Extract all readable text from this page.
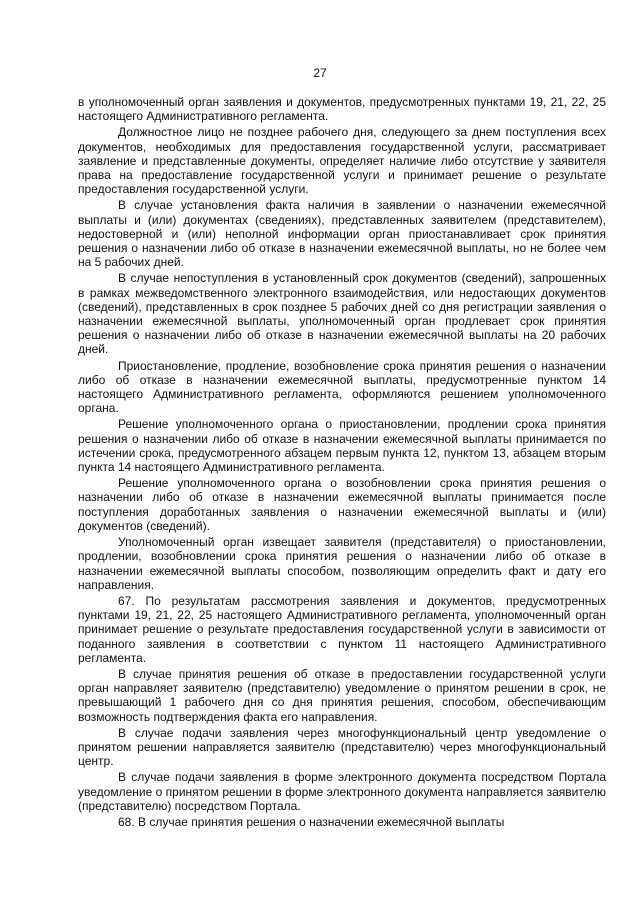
27

в уполномоченный орган заявления и документов, предусмотренных пунктами 19, 21, 22, 25 настоящего Административного регламента.

Должностное лицо не позднее рабочего дня, следующего за днем поступления всех документов, необходимых для предоставления государственной услуги, рассматривает заявление и представленные документы, определяет наличие либо отсутствие у заявителя права на предоставление государственной услуги и принимает решение о результате предоставления государственной услуги.

В случае установления факта наличия в заявлении о назначении ежемесячной выплаты и (или) документах (сведениях), представленных заявителем (представителем), недостоверной и (или) неполной информации орган приостанавливает срок принятия решения о назначении либо об отказе в назначении ежемесячной выплаты, но не более чем на 5 рабочих дней.

В случае непоступления в установленный срок документов (сведений), запрошенных в рамках межведомственного электронного взаимодействия, или недостающих документов (сведений), представленных в срок позднее 5 рабочих дней со дня регистрации заявления о назначении ежемесячной выплаты, уполномоченный орган продлевает срок принятия решения о назначении либо об отказе в назначении ежемесячной выплаты на 20 рабочих дней.

Приостановление, продление, возобновление срока принятия решения о назначении либо об отказе в назначении ежемесячной выплаты, предусмотренные пунктом 14 настоящего Административного регламента, оформляются решением уполномоченного органа.

Решение уполномоченного органа о приостановлении, продлении срока принятия решения о назначении либо об отказе в назначении ежемесячной выплаты принимается по истечении срока, предусмотренного абзацем первым пункта 12, пунктом 13, абзацем вторым пункта 14 настоящего Административного регламента.

Решение уполномоченного органа о возобновлении срока принятия решения о назначении либо об отказе в назначении ежемесячной выплаты принимается после поступления доработанных заявления о назначении ежемесячной выплаты и (или) документов (сведений).

Уполномоченный орган извещает заявителя (представителя) о приостановлении, продлении, возобновлении срока принятия решения о назначении либо об отказе в назначении ежемесячной выплаты способом, позволяющим определить факт и дату его направления.

67. По результатам рассмотрения заявления и документов, предусмотренных пунктами 19, 21, 22, 25 настоящего Административного регламента, уполномоченный орган принимает решение о результате предоставления государственной услуги в зависимости от поданного заявления в соответствии с пунктом 11 настоящего Административного регламента.

В случае принятия решения об отказе в предоставлении государственной услуги орган направляет заявителю (представителю) уведомление о принятом решении в срок, не превышающий 1 рабочего дня со дня принятия решения, способом, обеспечивающим возможность подтверждения факта его направления.

В случае подачи заявления через многофункциональный центр уведомление о принятом решении направляется заявителю (представителю) через многофункциональный центр.

В случае подачи заявления в форме электронного документа посредством Портала уведомление о принятом решении в форме электронного документа направляется заявителю (представителю) посредством Портала.

68. В случае принятия решения о назначении ежемесячной выплаты
